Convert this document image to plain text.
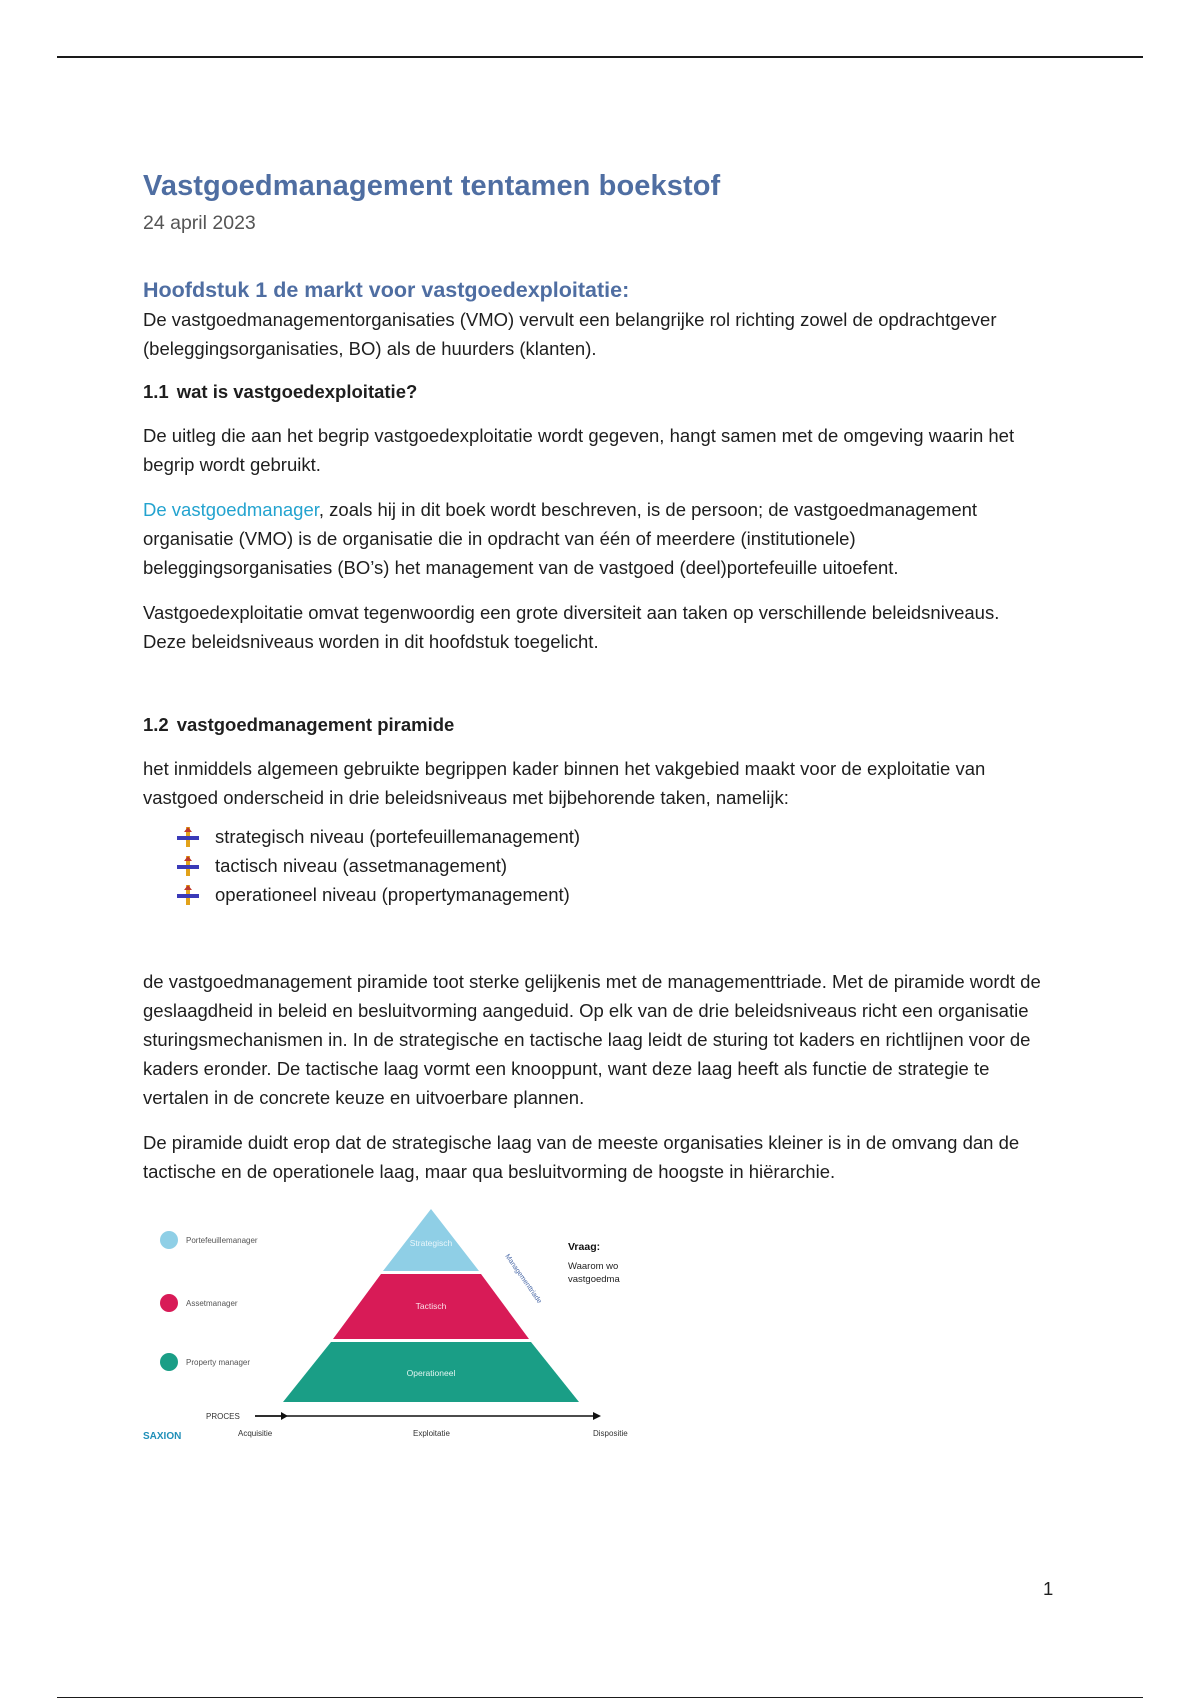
Vastgoedmanagement tentamen boekstof
24 april 2023
Hoofdstuk 1 de markt voor vastgoedexploitatie:

De vastgoedmanagementorganisaties (VMO) vervult een belangrijke rol richting zowel de opdrachtgever (beleggingsorganisaties, BO) als de huurders (klanten).

1.1 wat is vastgoedexploitatie?

De uitleg die aan het begrip vastgoedexploitatie wordt gegeven, hangt samen met de omgeving waarin het begrip wordt gebruikt.

De vastgoedmanager, zoals hij in dit boek wordt beschreven, is de persoon; de vastgoedmanagement organisatie (VMO) is de organisatie die in opdracht van één of meerdere (institutionele) beleggingsorganisaties (BO’s) het management van de vastgoed (deel)portefeuille uitoefent.

Vastgoedexploitatie omvat tegenwoordig een grote diversiteit aan taken op verschillende beleidsniveaus. Deze beleidsniveaus worden in dit hoofdstuk toegelicht.

1.2 vastgoedmanagement piramide

het inmiddels algemeen gebruikte begrippen kader binnen het vakgebied maakt voor de exploitatie van vastgoed onderscheid in drie beleidsniveaus met bijbehorende taken, namelijk:

strategisch niveau (portefeuillemanagement)
tactisch niveau (assetmanagement)
operationeel niveau (propertymanagement)

de vastgoedmanagement piramide toot sterke gelijkenis met de managementtriade. Met de piramide wordt de geslaagdheid in beleid en besluitvorming aangeduid. Op elk van de drie beleidsniveaus richt een organisatie sturingsmechanismen in. In de strategische en tactische laag leidt de sturing tot kaders en richtlijnen voor de kaders eronder. De tactische laag vormt een knooppunt, want deze laag heeft als functie de strategie te vertalen in de concrete keuze en uitvoerbare plannen.

De piramide duidt erop dat de strategische laag van de meeste organisaties kleiner is in de omvang dan de tactische en de operationele laag, maar qua besluitvorming de hoogste in hiërarchie.

Portefeuillemanager
Assetmanager
Property manager
Strategisch
Tactisch
Operationeel
Managementtriade
Vraag:
Waarom wo
vastgoedma
PROCES
Acquisitie	Exploitatie	Dispositie
SAXION
1
